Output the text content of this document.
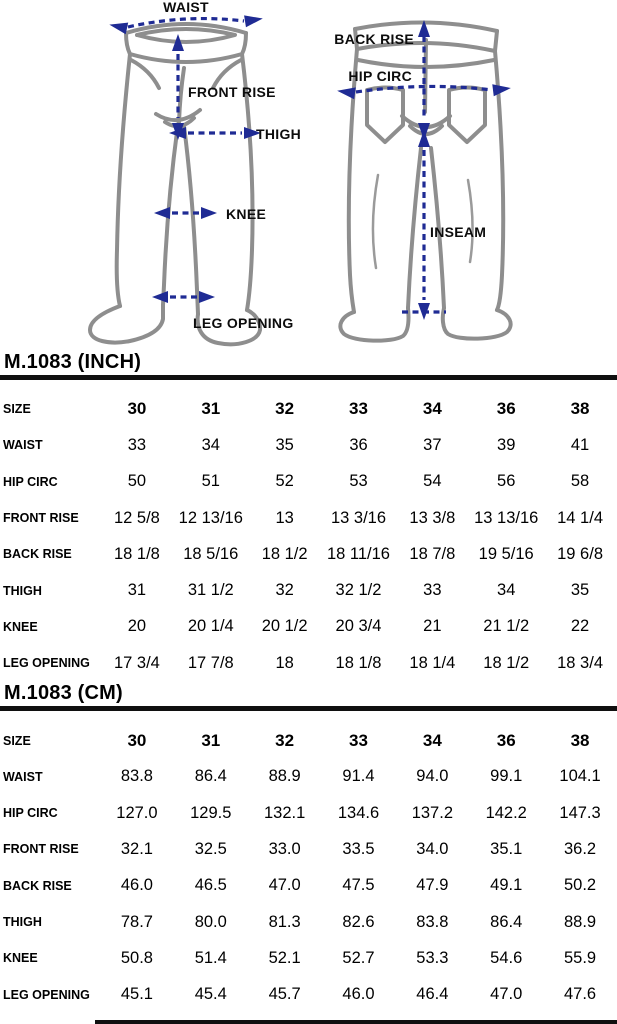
WAIST
FRONT RISE
THIGH
KNEE
LEG OPENING
BACK RISE
HIP CIRC
INSEAM
M.1083 (INCH)
SIZE	30	31	32	33	34	36	38
WAIST	33	34	35	36	37	39	41
HIP CIRC	50	51	52	53	54	56	58
FRONT RISE	12 5/8	12 13/16	13	13 3/16	13 3/8	13 13/16	14 1/4
BACK RISE	18 1/8	18 5/16	18 1/2	18 11/16	18 7/8	19 5/16	19 6/8
THIGH	31	31 1/2	32	32 1/2	33	34	35
KNEE	20	20 1/4	20 1/2	20 3/4	21	21 1/2	22
LEG OPENING	17 3/4	17 7/8	18	18 1/8	18 1/4	18 1/2	18 3/4
M.1083 (CM)
SIZE	30	31	32	33	34	36	38
WAIST	83.8	86.4	88.9	91.4	94.0	99.1	104.1
HIP CIRC	127.0	129.5	132.1	134.6	137.2	142.2	147.3
FRONT RISE	32.1	32.5	33.0	33.5	34.0	35.1	36.2
BACK RISE	46.0	46.5	47.0	47.5	47.9	49.1	50.2
THIGH	78.7	80.0	81.3	82.6	83.8	86.4	88.9
KNEE	50.8	51.4	52.1	52.7	53.3	54.6	55.9
LEG OPENING	45.1	45.4	45.7	46.0	46.4	47.0	47.6
